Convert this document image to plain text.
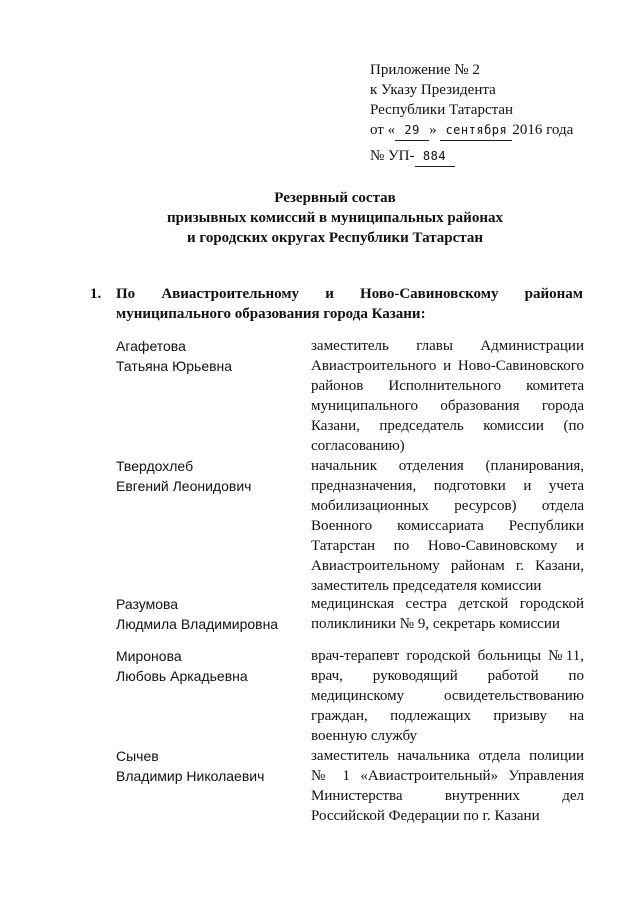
Приложение № 2
к Указу Президента
Республики Татарстан
от « 29 » сентября 2016 года
№ УП- 884
Резервный состав
призывных комиссий в муниципальных районах
и городских округах Республики Татарстан
1. По Авиастроительному и Ново-Савиновскому районам
муниципального образования города Казани:
Агафетова
Татьяна Юрьевна
заместитель главы Администрации Авиастроительного и Ново-Савиновского районов Исполнительного комитета муниципального образования города Казани, председатель комиссии (по согласованию)
Твердохлеб
Евгений Леонидович
начальник отделения (планирования, предназначения, подготовки и учета мобилизационных ресурсов) отдела Военного комиссариата Республики Татарстан по Ново-Савиновскому и Авиастроительному районам г. Казани, заместитель председателя комиссии
Разумова
Людмила Владимировна
медицинская сестра детской городской поликлиники № 9, секретарь комиссии
Миронова
Любовь Аркадьевна
врач-терапевт городской больницы №11, врач, руководящий работой по медицинскому освидетельствованию граждан, подлежащих призыву на военную службу
Сычев
Владимир Николаевич
заместитель начальника отдела полиции № 1 «Авиастроительный» Управления Министерства внутренних дел Российской Федерации по г. Казани
